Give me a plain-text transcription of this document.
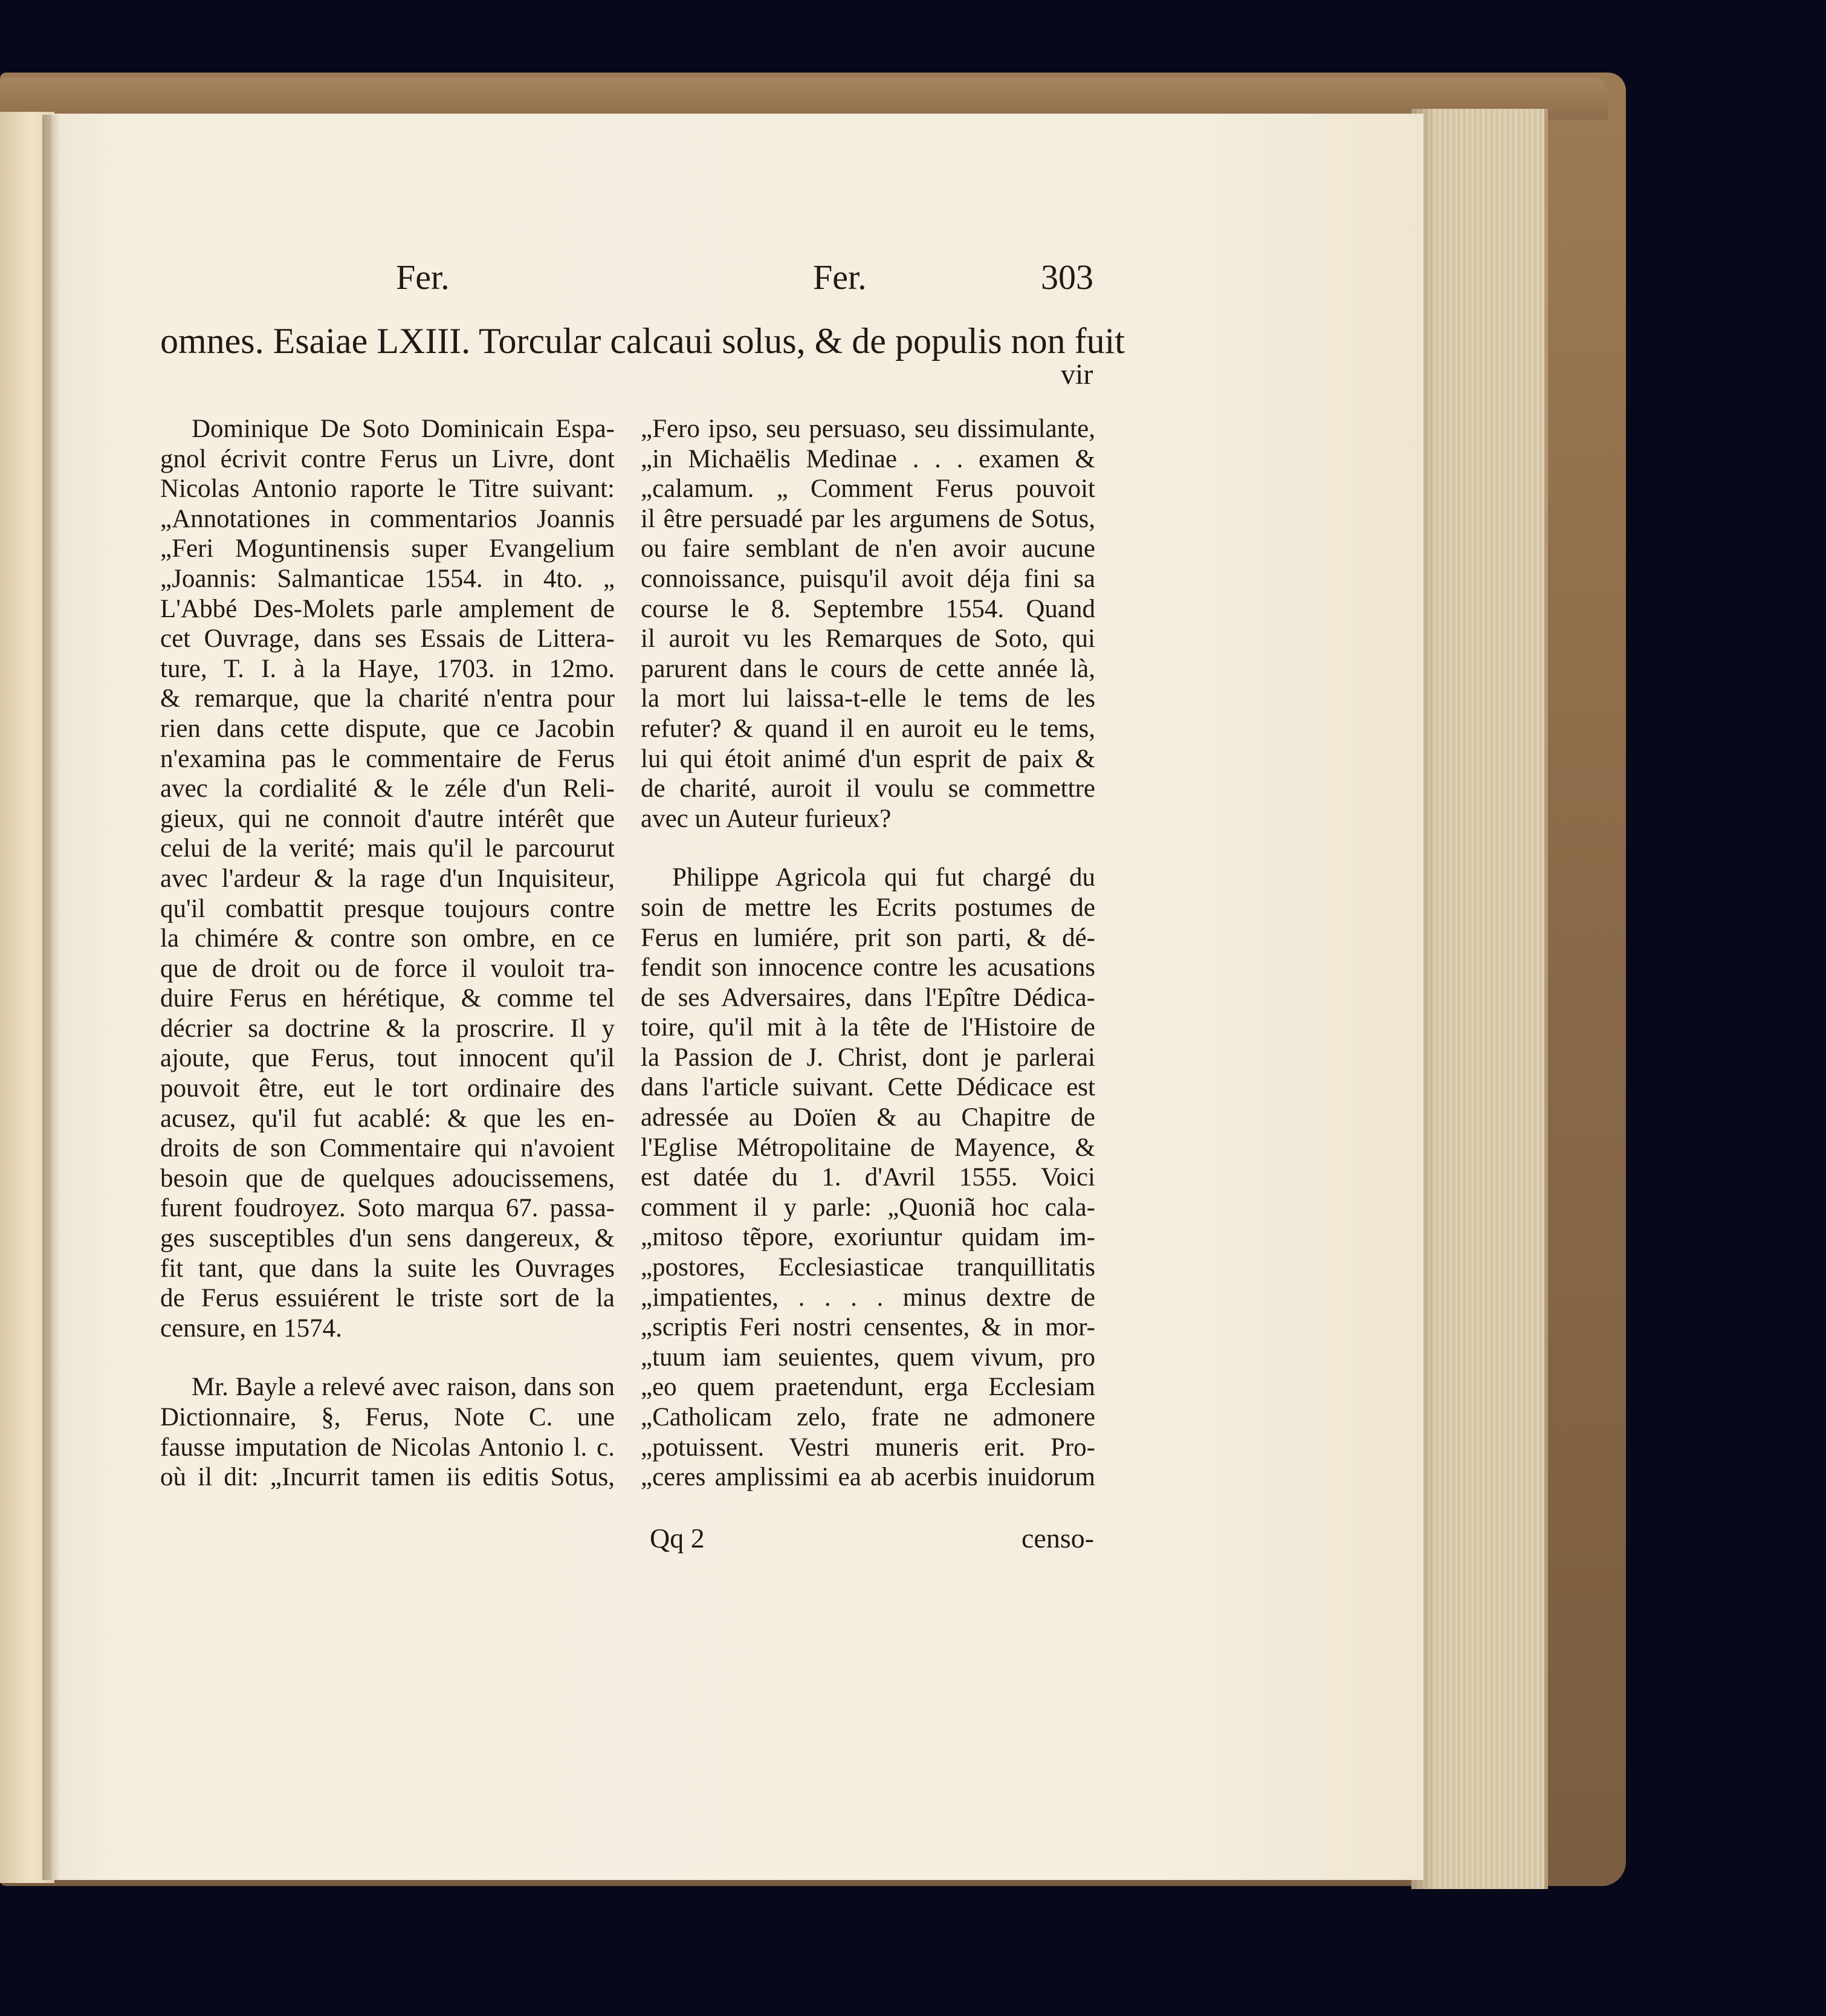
Fer.	Fer.	303
omnes. Esaiae LXIII. Torcular calcaui solus, & de populis non fuit
vir
Dominique De Soto Dominicain Espa-
gnol écrivit contre Ferus un Livre, dont
Nicolas Antonio raporte le Titre suivant:
„Annotationes in commentarios Joannis
„Feri Moguntinensis super Evangelium
„Joannis: Salmanticae 1554. in 4to. „
L'Abbé Des-Molets parle amplement de
cet Ouvrage, dans ses Essais de Littera-
ture, T. I. à la Haye, 1703. in 12mo.
& remarque, que la charité n'entra pour
rien dans cette dispute, que ce Jacobin
n'examina pas le commentaire de Ferus
avec la cordialité & le zéle d'un Reli-
gieux, qui ne connoit d'autre intérêt que
celui de la verité; mais qu'il le parcourut
avec l'ardeur & la rage d'un Inquisiteur,
qu'il combattit presque toujours contre
la chimére & contre son ombre, en ce
que de droit ou de force il vouloit tra-
duire Ferus en hérétique, & comme tel
décrier sa doctrine & la proscrire. Il y
ajoute, que Ferus, tout innocent qu'il
pouvoit être, eut le tort ordinaire des
acusez, qu'il fut acablé: & que les en-
droits de son Commentaire qui n'avoient
besoin que de quelques adoucissemens,
furent foudroyez. Soto marqua 67. passa-
ges susceptibles d'un sens dangereux, &
fit tant, que dans la suite les Ouvrages
de Ferus essuiérent le triste sort de la
censure, en 1574.
Mr. Bayle a relevé avec raison, dans son
Dictionnaire, §, Ferus, Note C. une
fausse imputation de Nicolas Antonio l. c.
où il dit: „Incurrit tamen iis editis Sotus,
„Fero ipso, seu persuaso, seu dissimulante,
„in Michaëlis Medinae . . . examen &
„calamum. „ Comment Ferus pouvoit
il être persuadé par les argumens de Sotus,
ou faire semblant de n'en avoir aucune
connoissance, puisqu'il avoit déja fini sa
course le 8. Septembre 1554. Quand
il auroit vu les Remarques de Soto, qui
parurent dans le cours de cette année là,
la mort lui laissa-t-elle le tems de les
refuter? & quand il en auroit eu le tems,
lui qui étoit animé d'un esprit de paix &
de charité, auroit il voulu se commettre
avec un Auteur furieux?
Philippe Agricola qui fut chargé du
soin de mettre les Ecrits postumes de
Ferus en lumiére, prit son parti, & dé-
fendit son innocence contre les acusations
de ses Adversaires, dans l'Epître Dédica-
toire, qu'il mit à la tête de l'Histoire de
la Passion de J. Christ, dont je parlerai
dans l'article suivant. Cette Dédicace est
adressée au Doïen & au Chapitre de
l'Eglise Métropolitaine de Mayence, &
est datée du 1. d'Avril 1555. Voici
comment il y parle: „Quoniã hoc cala-
„mitoso tẽpore, exoriuntur quidam im-
„postores, Ecclesiasticae tranquillitatis
„impatientes, . . . . minus dextre de
„scriptis Feri nostri censentes, & in mor-
„tuum iam seuientes, quem vivum, pro
„eo quem praetendunt, erga Ecclesiam
„Catholicam zelo, frate ne admonere
„potuissent. Vestri muneris erit. Pro-
„ceres amplissimi ea ab acerbis inuidorum
Qq 2	censo-
